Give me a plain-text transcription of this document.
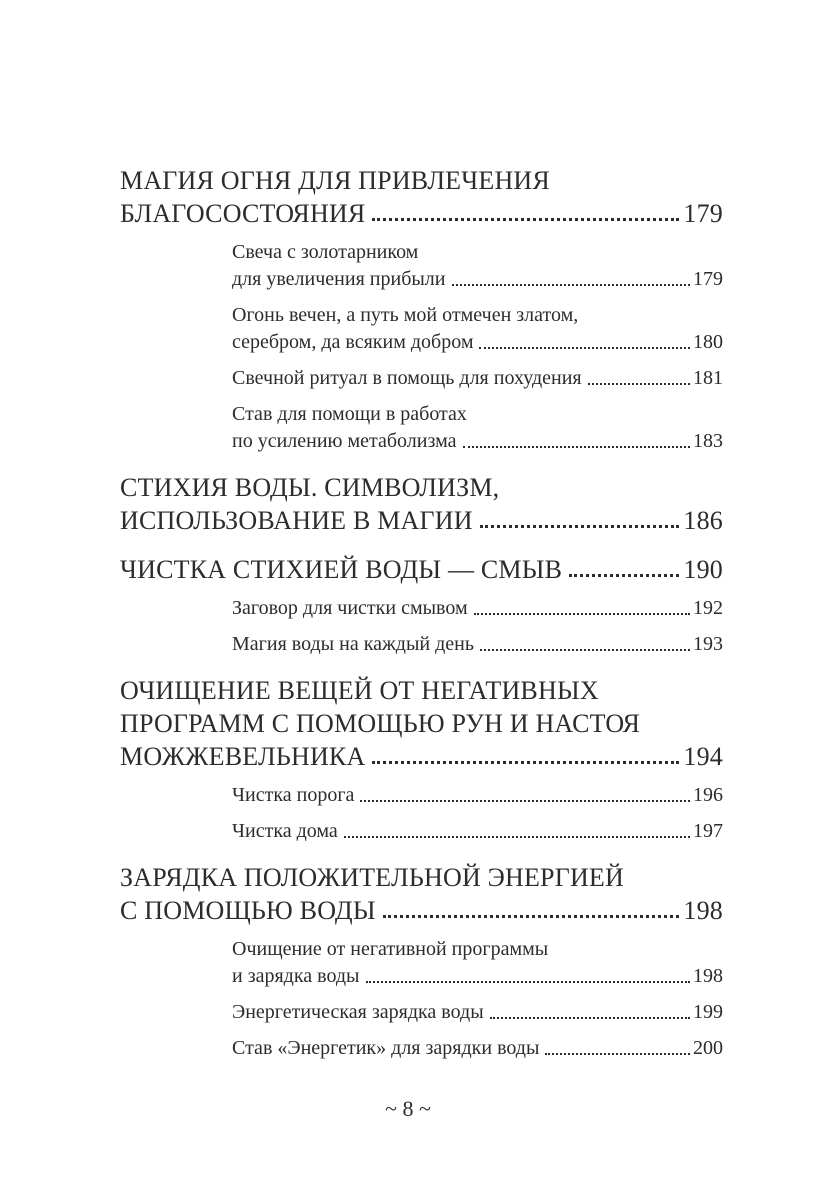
МАГИЯ ОГНЯ ДЛЯ ПРИВЛЕЧЕНИЯ
БЛАГОСОСТОЯНИЯ	179
Свеча с золотарником
для увеличения прибыли	179
Огонь вечен, а путь мой отмечен златом,
серебром, да всяким добром	180
Свечной ритуал в помощь для похудения	181
Став для помощи в работах
по усилению метаболизма	183
СТИХИЯ ВОДЫ. СИМВОЛИЗМ,
ИСПОЛЬЗОВАНИЕ В МАГИИ	186
ЧИСТКА СТИХИЕЙ ВОДЫ — СМЫВ	190
Заговор для чистки смывом	192
Магия воды на каждый день	193
ОЧИЩЕНИЕ ВЕЩЕЙ ОТ НЕГАТИВНЫХ
ПРОГРАММ С ПОМОЩЬЮ РУН И НАСТОЯ
МОЖЖЕВЕЛЬНИКА	194
Чистка порога	196
Чистка дома	197
ЗАРЯДКА ПОЛОЖИТЕЛЬНОЙ ЭНЕРГИЕЙ
С ПОМОЩЬЮ ВОДЫ	198
Очищение от негативной программы
и зарядка воды	198
Энергетическая зарядка воды	199
Став «Энергетик» для зарядки воды	200
~ 8 ~
